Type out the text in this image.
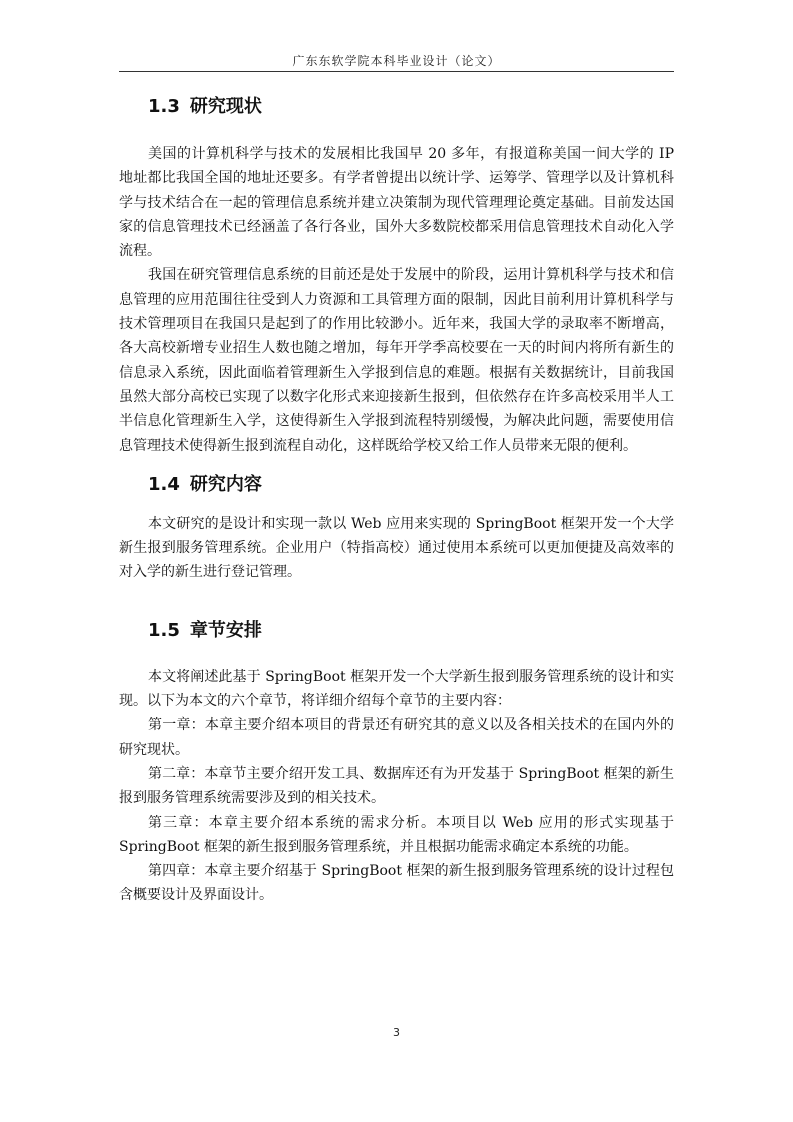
广东东软学院本科毕业设计（论文）
1.3 研究现状

美国的计算机科学与技术的发展相比我国早 20 多年，有报道称美国一间大学的 IP 地址都比我国全国的地址还要多。有学者曾提出以统计学、运筹学、管理学以及计算机科学与技术结合在一起的管理信息系统并建立决策制为现代管理理论奠定基础。目前发达国家的信息管理技术已经涵盖了各行各业，国外大多数院校都采用信息管理技术自动化入学流程。

我国在研究管理信息系统的目前还是处于发展中的阶段，运用计算机科学与技术和信息管理的应用范围往往受到人力资源和工具管理方面的限制，因此目前利用计算机科学与技术管理项目在我国只是起到了的作用比较渺小。近年来，我国大学的录取率不断增高，各大高校新增专业招生人数也随之增加，每年开学季高校要在一天的时间内将所有新生的信息录入系统，因此面临着管理新生入学报到信息的难题。根据有关数据统计，目前我国虽然大部分高校已实现了以数字化形式来迎接新生报到，但依然存在许多高校采用半人工半信息化管理新生入学，这使得新生入学报到流程特别缓慢，为解决此问题，需要使用信息管理技术使得新生报到流程自动化，这样既给学校又给工作人员带来无限的便利。

1.4 研究内容

本文研究的是设计和实现一款以 Web 应用来实现的 SpringBoot 框架开发一个大学新生报到服务管理系统。企业用户（特指高校）通过使用本系统可以更加便捷及高效率的对入学的新生进行登记管理。

1.5 章节安排

本文将阐述此基于 SpringBoot 框架开发一个大学新生报到服务管理系统的设计和实现。以下为本文的六个章节，将详细介绍每个章节的主要内容：

第一章：本章主要介绍本项目的背景还有研究其的意义以及各相关技术的在国内外的研究现状。

第二章：本章节主要介绍开发工具、数据库还有为开发基于 SpringBoot 框架的新生报到服务管理系统需要涉及到的相关技术。

第三章：本章主要介绍本系统的需求分析。本项目以 Web 应用的形式实现基于 SpringBoot 框架的新生报到服务管理系统，并且根据功能需求确定本系统的功能。

第四章：本章主要介绍基于 SpringBoot 框架的新生报到服务管理系统的设计过程包含概要设计及界面设计。

3
